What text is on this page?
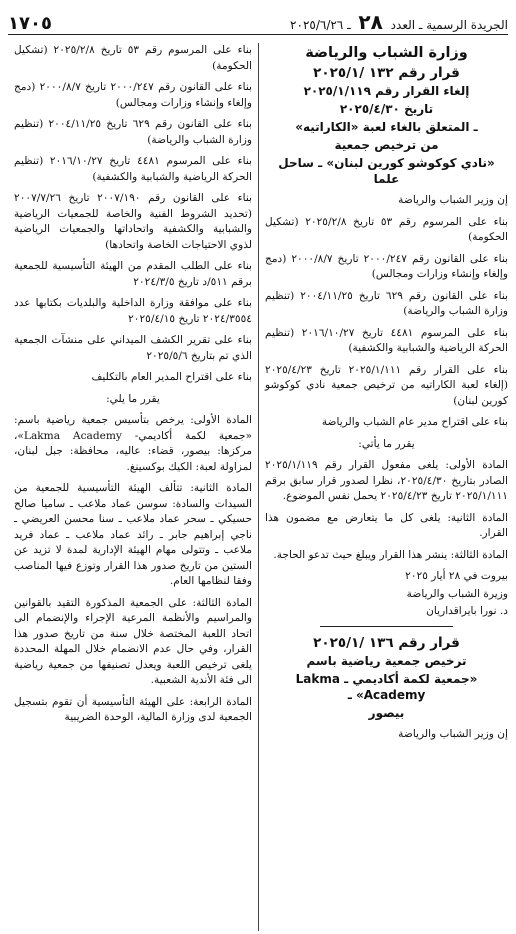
الجريدة الرسمية ـ العدد ٢٨ ـ ٢٠٢٥/٦/٢٦
١٧٠٥
وزارة الشباب والرياضة
قرار رقم ١٣٢ /٢٠٢٥/١
إلغاء القرار رقم ٢٠٢٥/١/١١٩
تاريخ ٢٠٢٥/٤/٣٠
ـ المتعلق بالغاء لعبة «الكاراتيه»
من ترخيص جمعية
«نادي كوكوشو كورين لبنان» ـ ساحل علما

إن وزير الشباب والرياضة

بناء على المرسوم رقم ٥٣ تاريخ ٢٠٢٥/٢/٨ (تشكيل الحكومة)

بناء على القانون رقم ٢٠٠٠/٢٤٧ تاريخ ٢٠٠٠/٨/٧ (دمج وإلغاء وإنشاء وزارات ومجالس)

بناء على القانون رقم ٦٢٩ تاريخ ٢٠٠٤/١١/٢٥ (تنظيم وزارة الشباب والرياضة)

بناء على المرسوم ٤٤٨١ تاريخ ٢٠١٦/١٠/٢٧ (تنظيم الحركة الرياضية والشبابية والكشفية)

بناء على القرار رقم ٢٠٢٥/١/١١١ تاريخ ٢٠٢٥/٤/٢٣ (إلغاء لعبة الكاراتيه من ترخيص جمعية نادي كوكوشو كورين لبنان)

بناء على اقتراح مدير عام الشباب والرياضة

يقرر ما يأتي:

المادة الأولى: يلغى مفعول القرار رقم ٢٠٢٥/١/١١٩ الصادر بتاريخ ٢٠٢٥/٤/٣٠، نظرا لصدور قرار سابق برقم ٢٠٢٥/١/١١١ تاريخ ٢٠٢٥/٤/٢٣ يحمل نفس الموضوع.

المادة الثانية: يلغى كل ما يتعارض مع مضمون هذا القرار.

المادة الثالثة: ينشر هذا القرار ويبلغ حيث تدعو الحاجة.

بيروت في ٢٨ أيار ٢٠٢٥

وزيرة الشباب والرياضة

د. نورا بايراقداريان

قرار رقم ١٣٦ /٢٠٢٥/١
ترخيص جمعية رياضية باسم
«جمعية لكمة أكاديمي ـ Lakma Academy» ـ
بيصور

إن وزير الشباب والرياضة

بناء على المرسوم رقم ٥٣ تاريخ ٢٠٢٥/٢/٨ (تشكيل الحكومة)

بناء على القانون رقم ٢٠٠٠/٢٤٧ تاريخ ٢٠٠٠/٨/٧ (دمج وإلغاء وإنشاء وزارات ومجالس)

بناء على القانون رقم ٦٢٩ تاريخ ٢٠٠٤/١١/٢٥ (تنظيم وزارة الشباب والرياضة)

بناء على المرسوم ٤٤٨١ تاريخ ٢٠١٦/١٠/٢٧ (تنظيم الحركة الرياضية والشبابية والكشفية)

بناء على القانون رقم ٢٠٠٧/١٩٠ تاريخ ٢٠٠٧/٧/٢٦ (تحديد الشروط الفنية والخاصة للجمعيات الرياضية والشبابية والكشفية واتحاداتها والجمعيات الرياضية لذوي الاحتياجات الخاصة واتحادها)

بناء على الطلب المقدم من الهيئة التأسيسية للجمعية برقم ٥١١/د تاريخ ٢٠٢٤/٣/٥

بناء على موافقة وزارة الداخلية والبلديات بكتابها عدد ٢٠٢٤/٣٥٥٤ تاريخ ٢٠٢٥/٤/١٥

بناء على تقرير الكشف الميداني على منشآت الجمعية الذي تم بتاريخ ٢٠٢٥/٥/٦

بناء على اقتراح المدير العام بالتكليف

يقرر ما يلي:

المادة الأولى: يرخص بتأسيس جمعية رياضية باسم: «جمعية لكمة أكاديمي- Lakma Academy»، مركزها: بيصور، قضاء: عاليه، محافظة: جبل لبنان، لمزاولة لعبة: الكيك بوكسينغ.

المادة الثانية: تتألف الهيئة التأسيسية للجمعية من السيدات والسادة: سوسن عماد ملاعب ـ ساميا صالح حسيكي ـ سحر عماد ملاعب ـ سنا محسن العريضي ـ ناجي إبراهيم جابر ـ رائد عماد ملاعب ـ عماد فريد ملاعب ـ وتتولى مهام الهيئة الإدارية لمدة لا تزيد عن الستين من تاريخ صدور هذا القرار وتوزع فيها المناصب وفقا لنظامها العام.

المادة الثالثة: على الجمعية المذكورة التقيد بالقوانين والمراسيم والأنظمة المرعية الإجراء والإنضمام الى اتحاد اللعبة المختصة خلال سنة من تاريخ صدور هذا القرار، وفي حال عدم الانضمام خلال المهلة المحددة يلغى ترخيص اللعبة ويعدل تصنيفها من جمعية رياضية الى فئة الأندية الشعبية.

المادة الرابعة: على الهيئة التأسيسية أن تقوم بتسجيل الجمعية لدى وزارة المالية، الوحدة الضريبية
